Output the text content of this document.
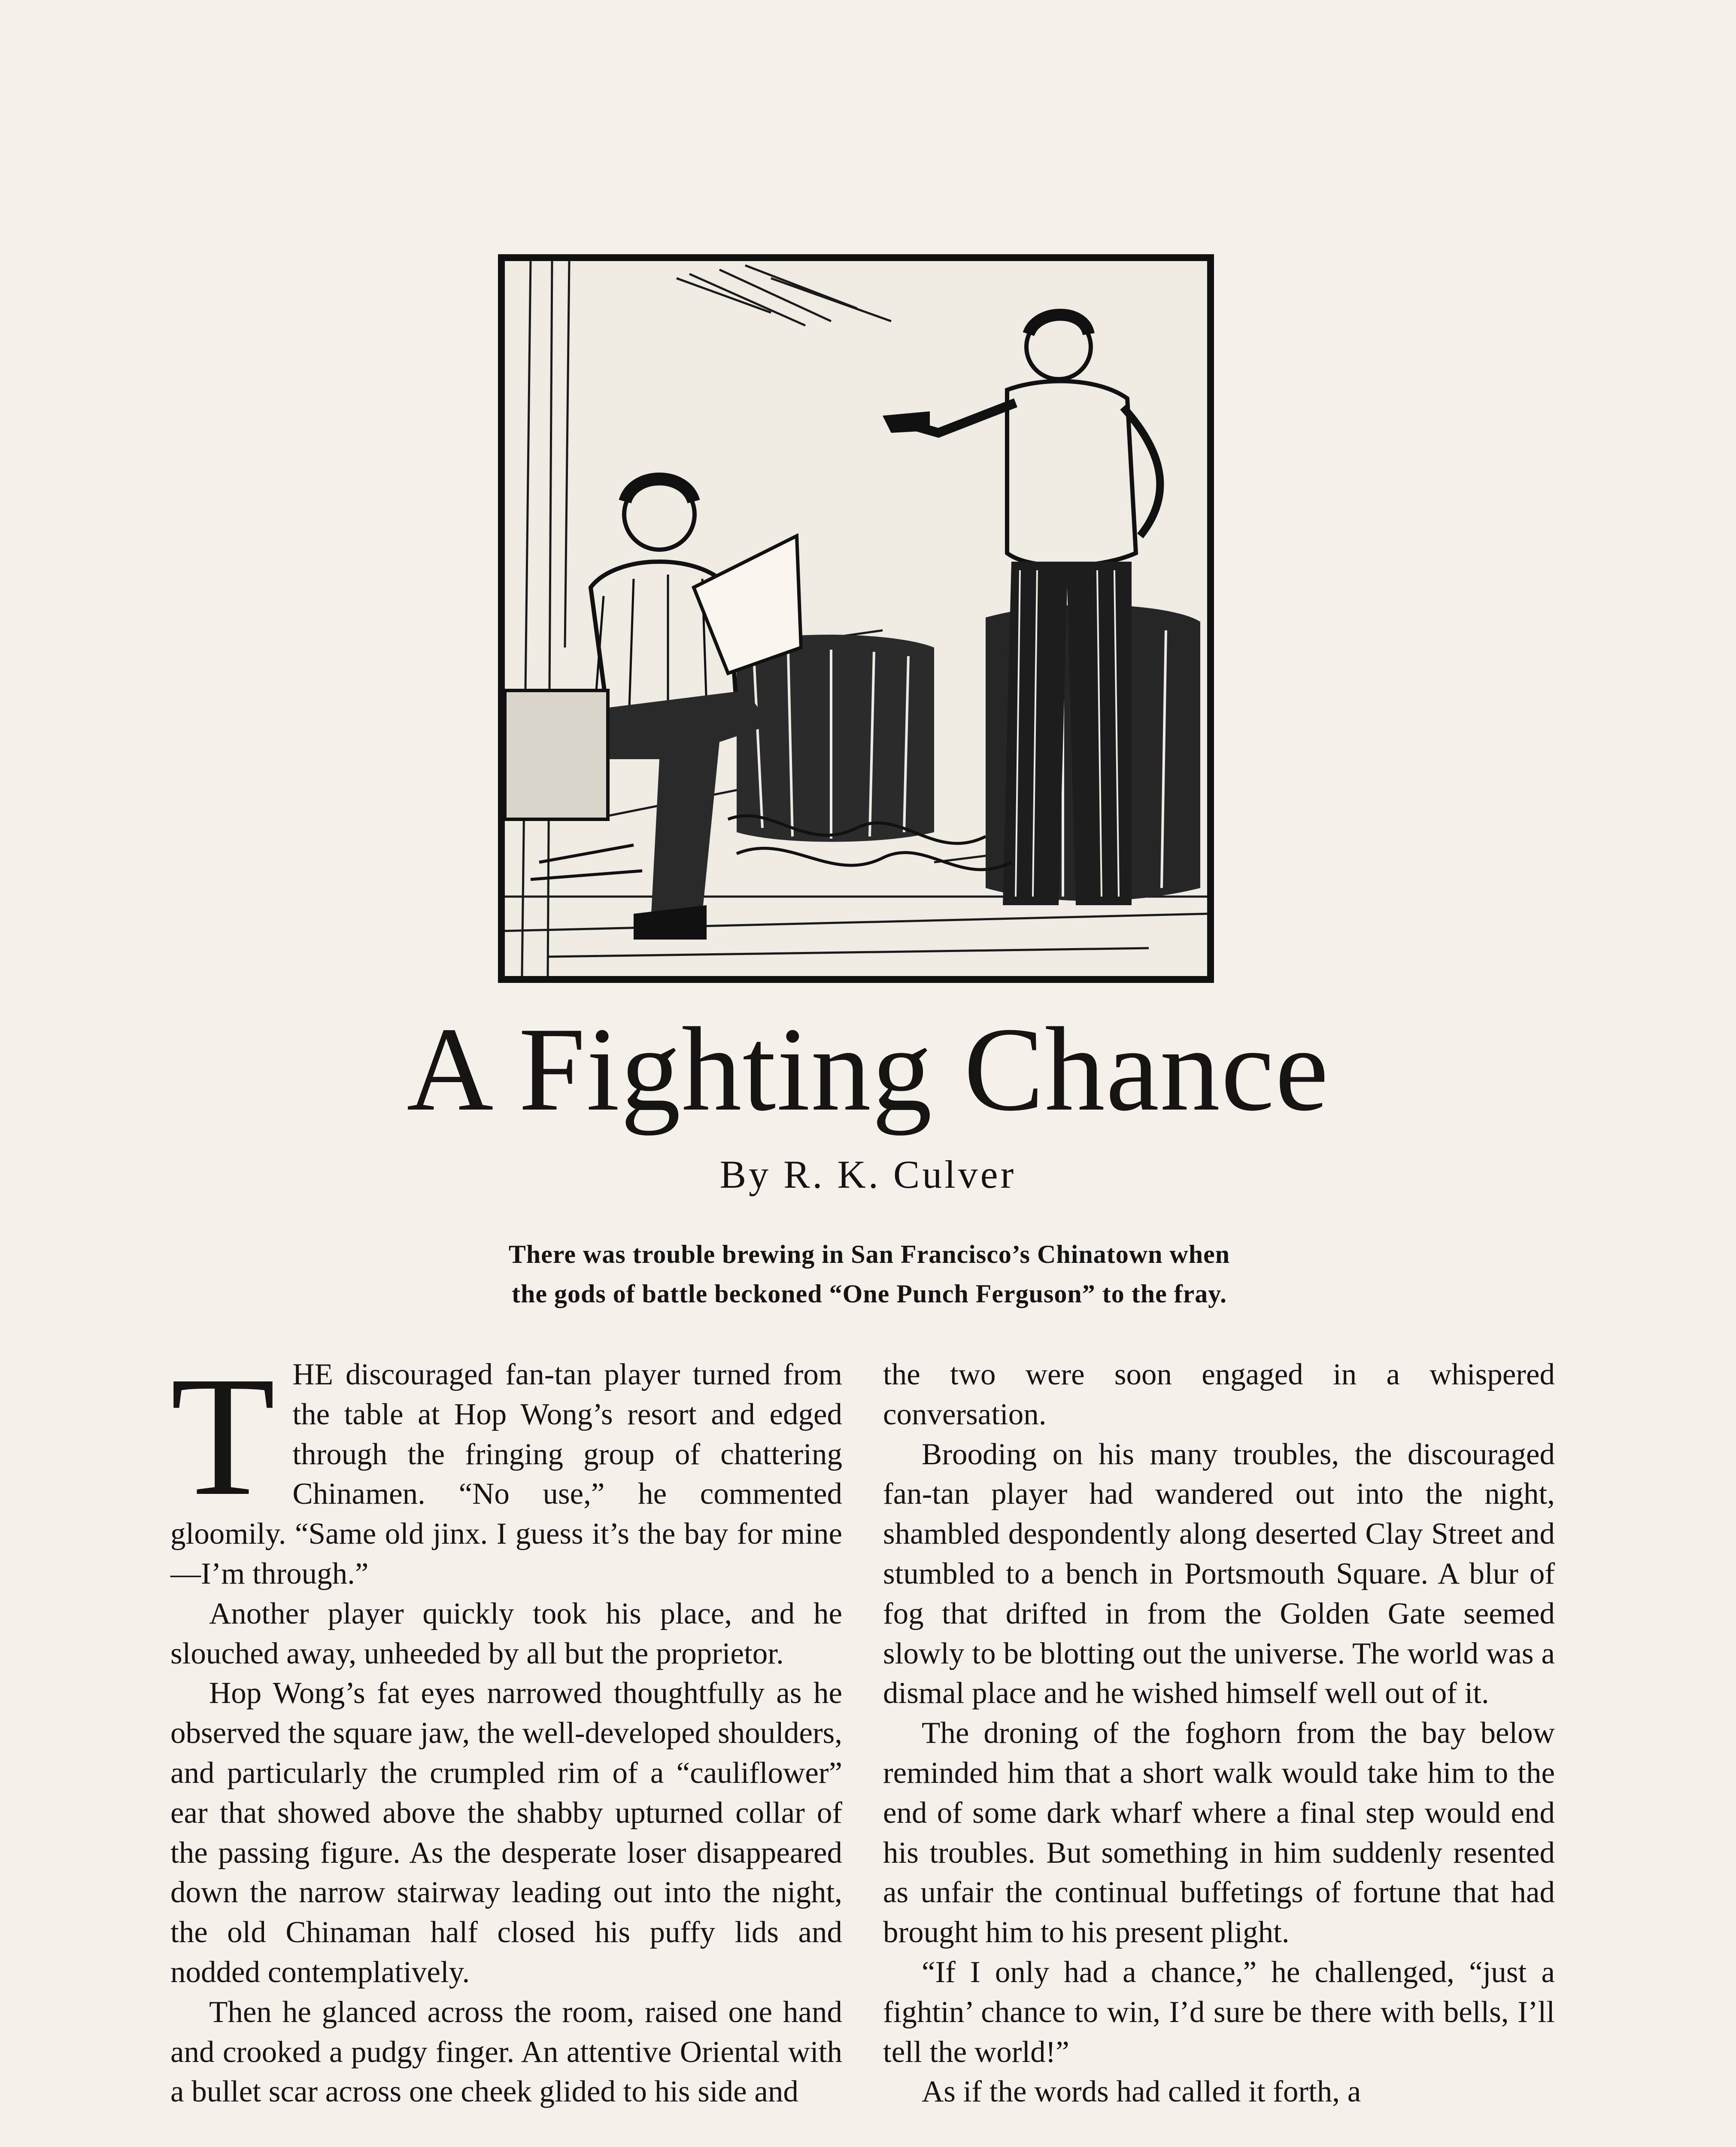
A Fighting Chance
By R. K. Culver
There was trouble brewing in San Francisco’s Chinatown when
the gods of battle beckoned “One Punch Ferguson” to the fray.

THE discouraged fan-tan player turned from the table at Hop Wong’s resort and edged through the fringing group of chattering Chinamen. “No use,” he commented gloomily. “Same old jinx. I guess it’s the bay for mine—I’m through.”

Another player quickly took his place, and he slouched away, unheeded by all but the proprietor.

Hop Wong’s fat eyes narrowed thoughtfully as he observed the square jaw, the well-developed shoulders, and particularly the crumpled rim of a “cauliflower” ear that showed above the shabby upturned collar of the passing figure. As the desperate loser disappeared down the narrow stairway leading out into the night, the old Chinaman half closed his puffy lids and nodded contemplatively.

Then he glanced across the room, raised one hand and crooked a pudgy finger. An attentive Oriental with a bullet scar across one cheek glided to his side and

the two were soon engaged in a whispered conversation.

Brooding on his many troubles, the discouraged fan-tan player had wandered out into the night, shambled despondently along deserted Clay Street and stumbled to a bench in Portsmouth Square. A blur of fog that drifted in from the Golden Gate seemed slowly to be blotting out the universe. The world was a dismal place and he wished himself well out of it.

The droning of the foghorn from the bay below reminded him that a short walk would take him to the end of some dark wharf where a final step would end his troubles. But something in him suddenly resented as unfair the continual buffetings of fortune that had brought him to his present plight.

“If I only had a chance,” he challenged, “just a fightin’ chance to win, I’d sure be there with bells, I’ll tell the world!”

As if the words had called it forth, a
